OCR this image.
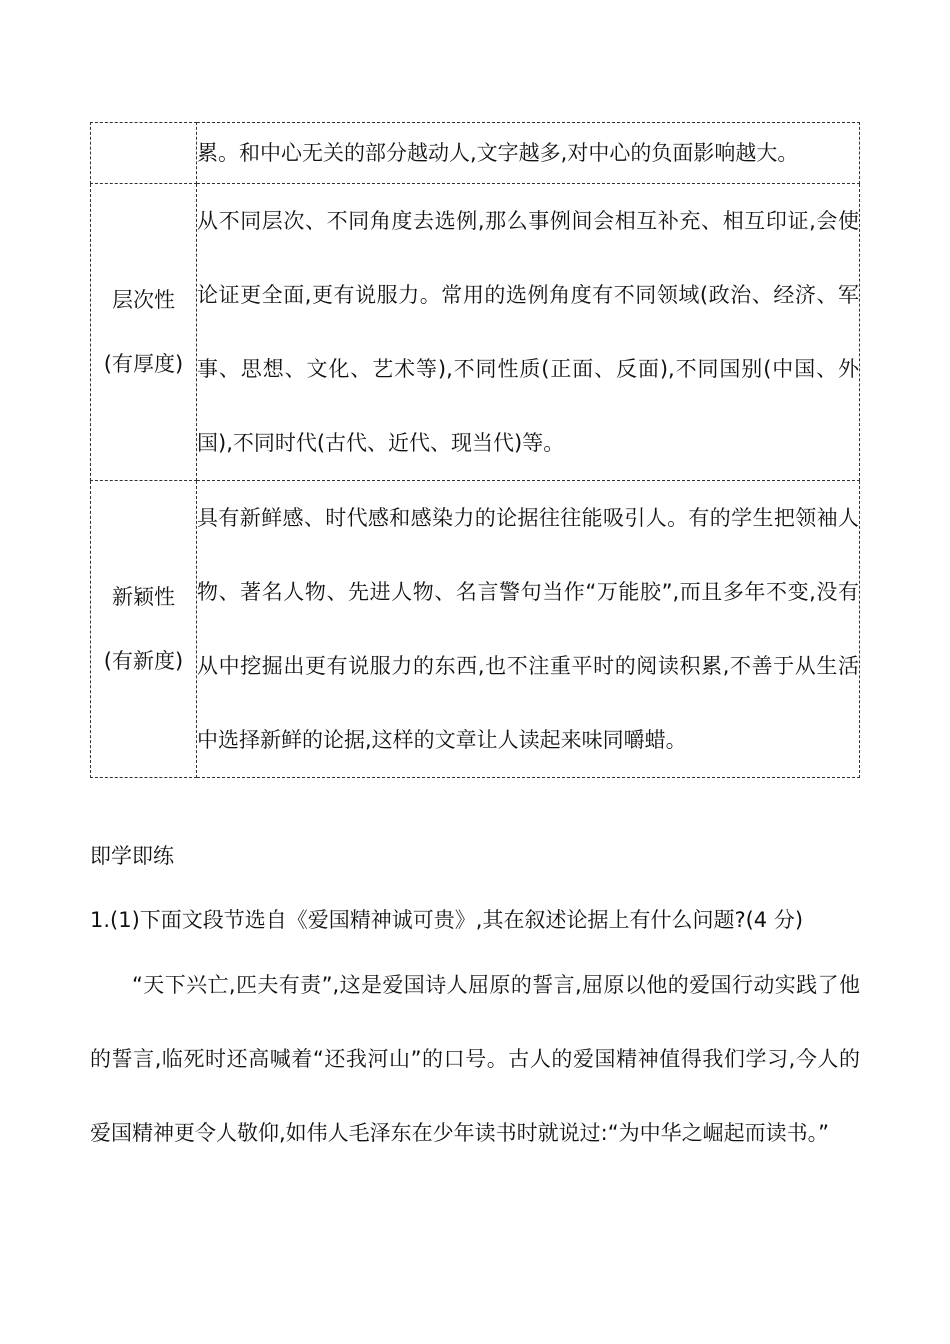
	累。和中心无关的部分越动人,文字越多,对中心的负面影响越大。

层次性
(有厚度)	从不同层次、不同角度去选例,那么事例间会相互补充、相互印证,会使论证更全面,更有说服力。常用的选例角度有不同领域(政治、经济、军事、思想、文化、艺术等),不同性质(正面、反面),不同国别(中国、外国),不同时代(古代、近代、现当代)等。

新颖性
(有新度)	具有新鲜感、时代感和感染力的论据往往能吸引人。有的学生把领袖人物、著名人物、先进人物、名言警句当作“万能胶”,而且多年不变,没有从中挖掘出更有说服力的东西,也不注重平时的阅读积累,不善于从生活中选择新鲜的论据,这样的文章让人读起来味同嚼蜡。
即学即练
1.(1)下面文段节选自《爱国精神诚可贵》,其在叙述论据上有什么问题?(4 分)
“天下兴亡,匹夫有责”,这是爱国诗人屈原的誓言,屈原以他的爱国行动实践了他的誓言,临死时还高喊着“还我河山”的口号。古人的爱国精神值得我们学习,今人的爱国精神更令人敬仰,如伟人毛泽东在少年读书时就说过:“为中华之崛起而读书。”
